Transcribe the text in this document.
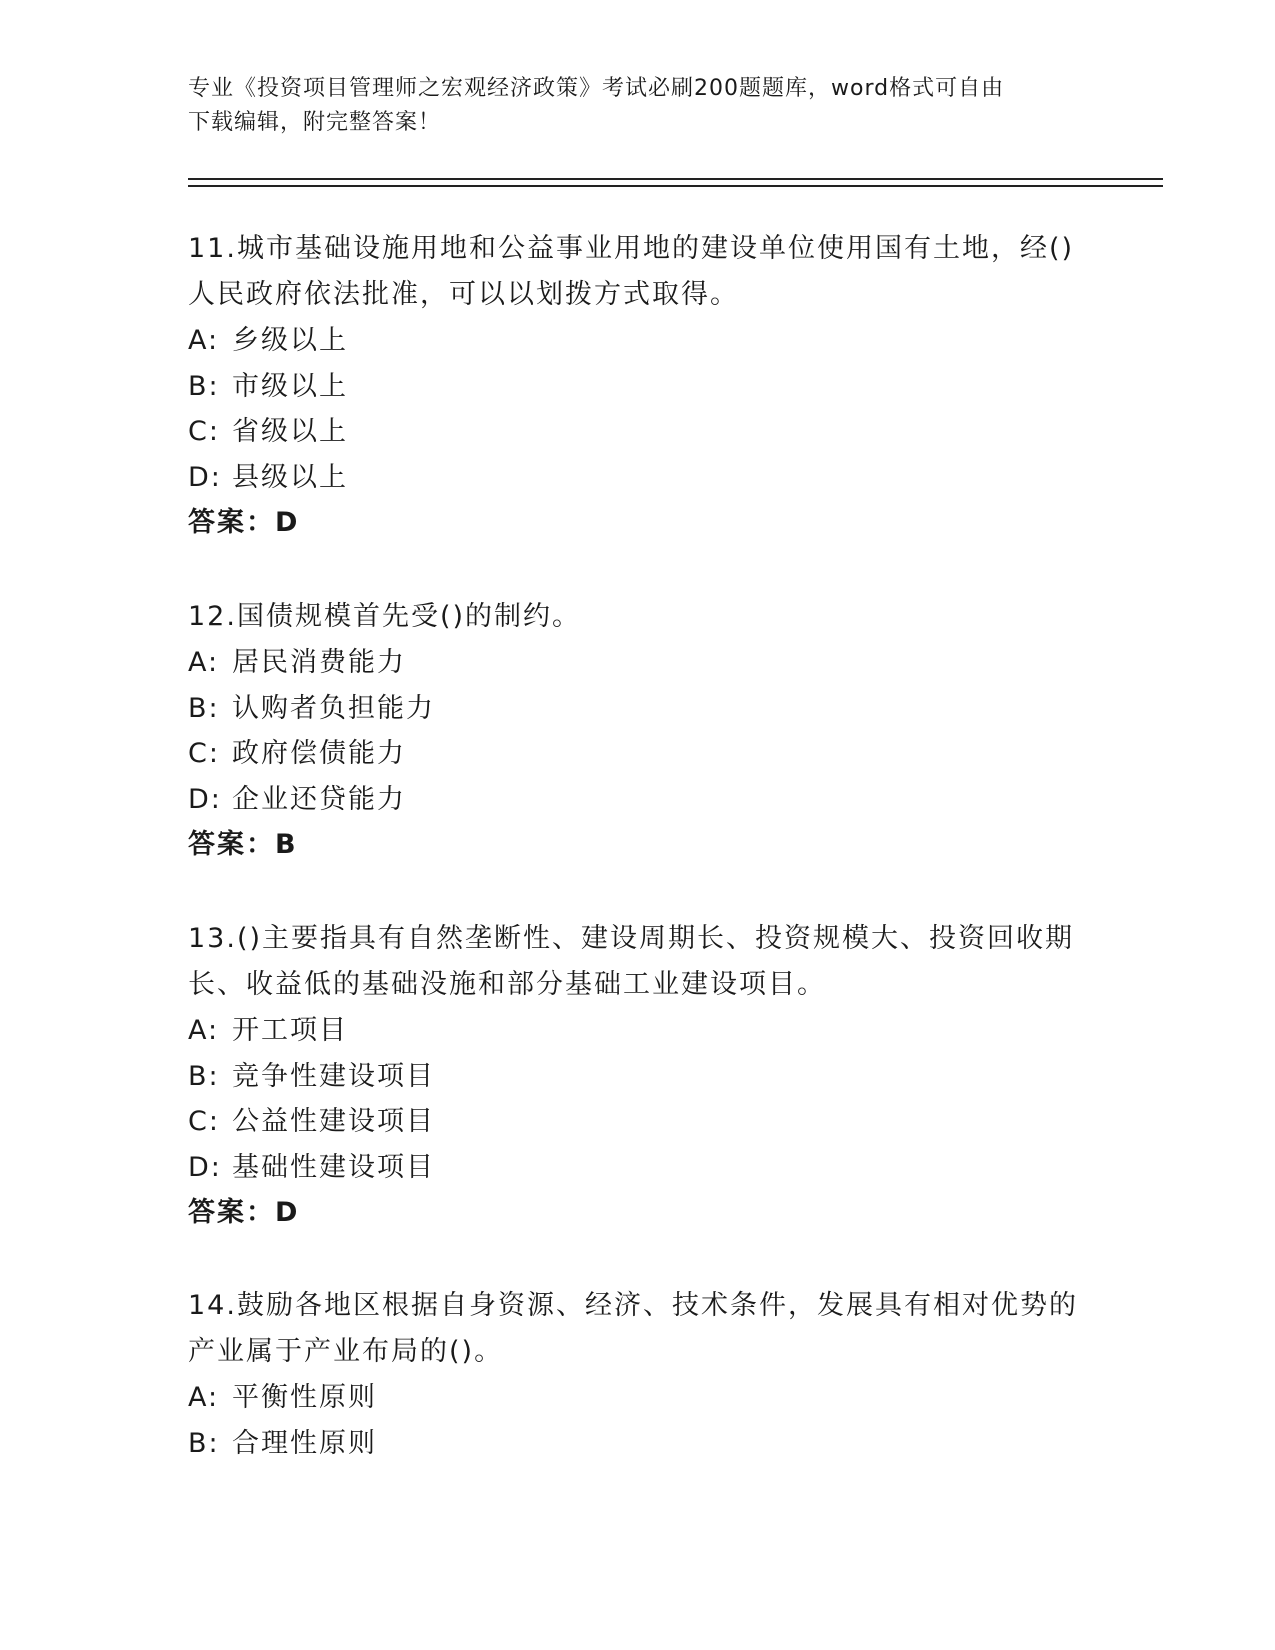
专业《投资项目管理师之宏观经济政策》考试必刷200题题库，word格式可自由
下载编辑，附完整答案！
11.城市基础设施用地和公益事业用地的建设单位使用国有土地，经()
人民政府依法批准，可以以划拨方式取得。
A: 乡级以上
B: 市级以上
C: 省级以上
D: 县级以上
答案：D
12.国债规模首先受()的制约。
A: 居民消费能力
B: 认购者负担能力
C: 政府偿债能力
D: 企业还贷能力
答案：B
13.()主要指具有自然垄断性、建设周期长、投资规模大、投资回收期
长、收益低的基础没施和部分基础工业建设项目。
A: 开工项目
B: 竞争性建设项目
C: 公益性建设项目
D: 基础性建设项目
答案：D
14.鼓励各地区根据自身资源、经济、技术条件，发展具有相对优势的
产业属于产业布局的()。
A: 平衡性原则
B: 合理性原则
